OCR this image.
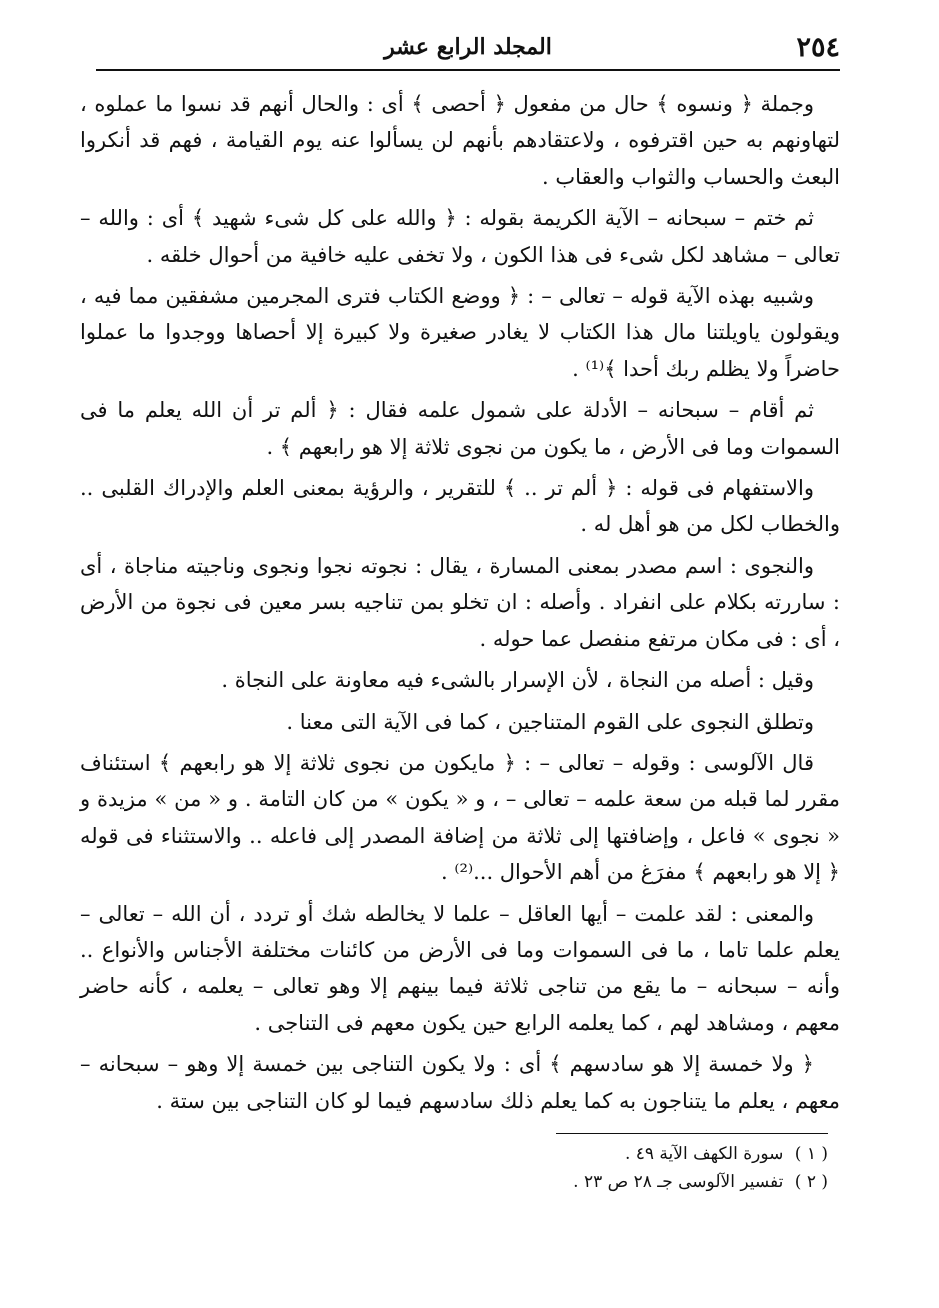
٢٥٤
المجلد الرابع عشر

وجملة ﴿ ونسوه ﴾ حال من مفعول ﴿ أحصى ﴾ أى : والحال أنهم قد نسوا ما عملوه ، لتهاونهم به حين اقترفوه ، ولاعتقادهم بأنهم لن يسألوا عنه يوم القيامة ، فهم قد أنكروا البعث والحساب والثواب والعقاب .

ثم ختم – سبحانه – الآية الكريمة بقوله : ﴿ والله على كل شىء شهيد ﴾ أى : والله – تعالى – مشاهد لكل شىء فى هذا الكون ، ولا تخفى عليه خافية من أحوال خلقه .

وشبيه بهذه الآية قوله – تعالى – : ﴿ ووضع الكتاب فترى المجرمين مشفقين مما فيه ، ويقولون ياويلتنا مال هذا الكتاب لا يغادر صغيرة ولا كبيرة إلا أحصاها ووجدوا ما عملوا حاضراً ولا يظلم ربك أحدا ﴾⁽¹⁾ .

ثم أقام – سبحانه – الأدلة على شمول علمه فقال : ﴿ ألم تر أن الله يعلم ما فى السموات وما فى الأرض ، ما يكون من نجوى ثلاثة إلا هو رابعهم ﴾ .

والاستفهام فى قوله : ﴿ ألم تر .. ﴾ للتقرير ، والرؤية بمعنى العلم والإدراك القلبى .. والخطاب لكل من هو أهل له .

والنجوى : اسم مصدر بمعنى المسارة ، يقال : نجوته نجوا ونجوى وناجيته مناجاة ، أى : ساررته بكلام على انفراد . وأصله : ان تخلو بمن تناجيه بسر معين فى نجوة من الأرض ، أى : فى مكان مرتفع منفصل عما حوله .

وقيل : أصله من النجاة ، لأن الإسرار بالشىء فيه معاونة على النجاة .

وتطلق النجوى على القوم المتناجين ، كما فى الآية التى معنا .

قال الآلوسى : وقوله – تعالى – : ﴿ مايكون من نجوى ثلاثة إلا هو رابعهم ﴾ استئناف مقرر لما قبله من سعة علمه – تعالى – ، و « يكون » من كان التامة . و « من » مزيدة و « نجوى » فاعل ، وإضافتها إلى ثلاثة من إضافة المصدر إلى فاعله .. والاستثناء فى قوله ﴿ إلا هو رابعهم ﴾ مفرَغ من أهم الأحوال ...⁽²⁾ .

والمعنى : لقد علمت – أيها العاقل – علما لا يخالطه شك أو تردد ، أن الله – تعالى – يعلم علما تاما ، ما فى السموات وما فى الأرض من كائنات مختلفة الأجناس والأنواع .. وأنه – سبحانه – ما يقع من تناجى ثلاثة فيما بينهم إلا وهو تعالى – يعلمه ، كأنه حاضر معهم ، ومشاهد لهم ، كما يعلمه الرابع حين يكون معهم فى التناجى .

﴿ ولا خمسة إلا هو سادسهم ﴾ أى : ولا يكون التناجى بين خمسة إلا وهو – سبحانه – معهم ، يعلم ما يتناجون به كما يعلم ذلك سادسهم فيما لو كان التناجى بين ستة .

( ١ ) سورة الكهف الآية ٤٩ .

( ٢ ) تفسير الآلوسى جـ ٢٨ ص ٢٣ .
